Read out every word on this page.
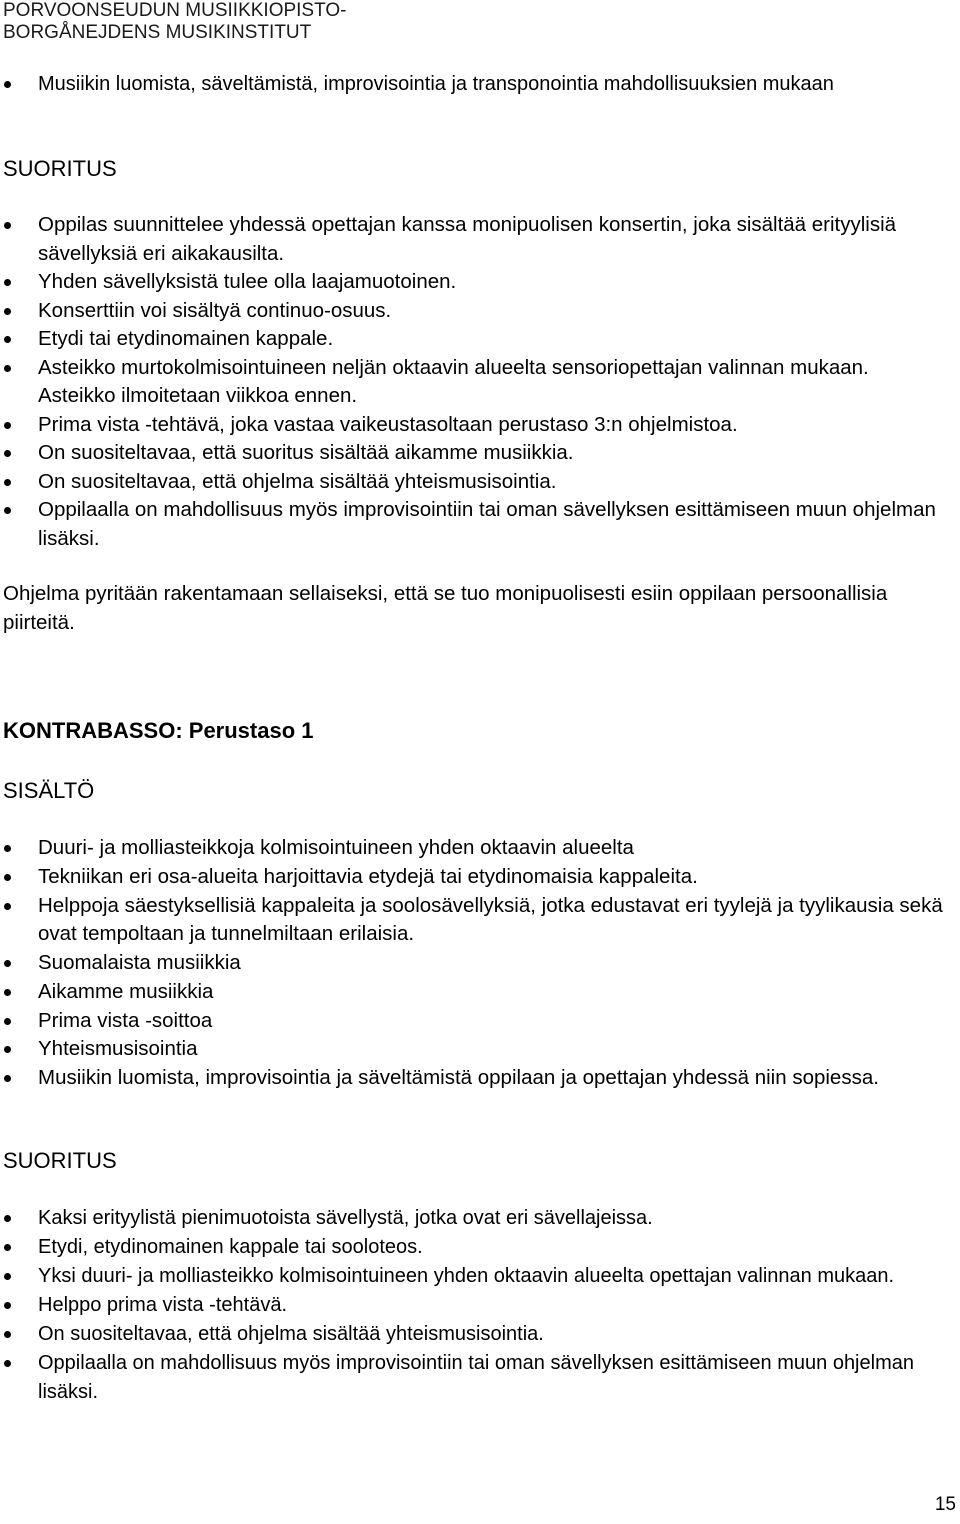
PORVOONSEUDUN MUSIIKKIOPISTO-
BORGÅNEJDENS MUSIKINSTITUT
Musiikin luomista, säveltämistä, improvisointia ja transponointia mahdollisuuksien mukaan
SUORITUS
Oppilas suunnittelee yhdessä opettajan kanssa monipuolisen konsertin, joka sisältää erityylisiä sävellyksiä eri aikakausilta.
Yhden sävellyksistä tulee olla laajamuotoinen.
Konserttiin voi sisältyä continuo-osuus.
Etydi tai etydinomainen kappale.
Asteikko murtokolmisointuineen neljän oktaavin alueelta sensoriopettajan valinnan mukaan. Asteikko ilmoitetaan viikkoa ennen.
Prima vista -tehtävä, joka vastaa vaikeustasoltaan perustaso 3:n ohjelmistoa.
On suositeltavaa, että suoritus sisältää aikamme musiikkia.
On suositeltavaa, että ohjelma sisältää yhteismusisointia.
Oppilaalla on mahdollisuus myös improvisointiin tai oman sävellyksen esittämiseen muun ohjelman lisäksi.
Ohjelma pyritään rakentamaan sellaiseksi, että se tuo monipuolisesti esiin oppilaan persoonallisia piirteitä.
KONTRABASSO: Perustaso 1
SISÄLTÖ
Duuri- ja molliasteikkoja kolmisointuineen yhden oktaavin alueelta
Tekniikan eri osa-alueita harjoittavia etydejä tai etydinomaisia kappaleita.
Helppoja säestyksellisiä kappaleita ja soolosävellyksiä, jotka edustavat eri tyylejä ja tyylikausia sekä ovat tempoltaan ja tunnelmiltaan erilaisia.
Suomalaista musiikkia
Aikamme musiikkia
Prima vista -soittoa
Yhteismusisointia
Musiikin luomista, improvisointia ja säveltämistä oppilaan ja opettajan yhdessä niin sopiessa.
SUORITUS
Kaksi erityylistä pienimuotoista sävellystä, jotka ovat eri sävellajeissa.
Etydi, etydinomainen kappale tai sooloteos.
Yksi duuri- ja molliasteikko kolmisointuineen yhden oktaavin alueelta opettajan valinnan mukaan.
Helppo prima vista -tehtävä.
On suositeltavaa, että ohjelma sisältää yhteismusisointia.
Oppilaalla on mahdollisuus myös improvisointiin tai oman sävellyksen esittämiseen muun ohjelman lisäksi.
15
